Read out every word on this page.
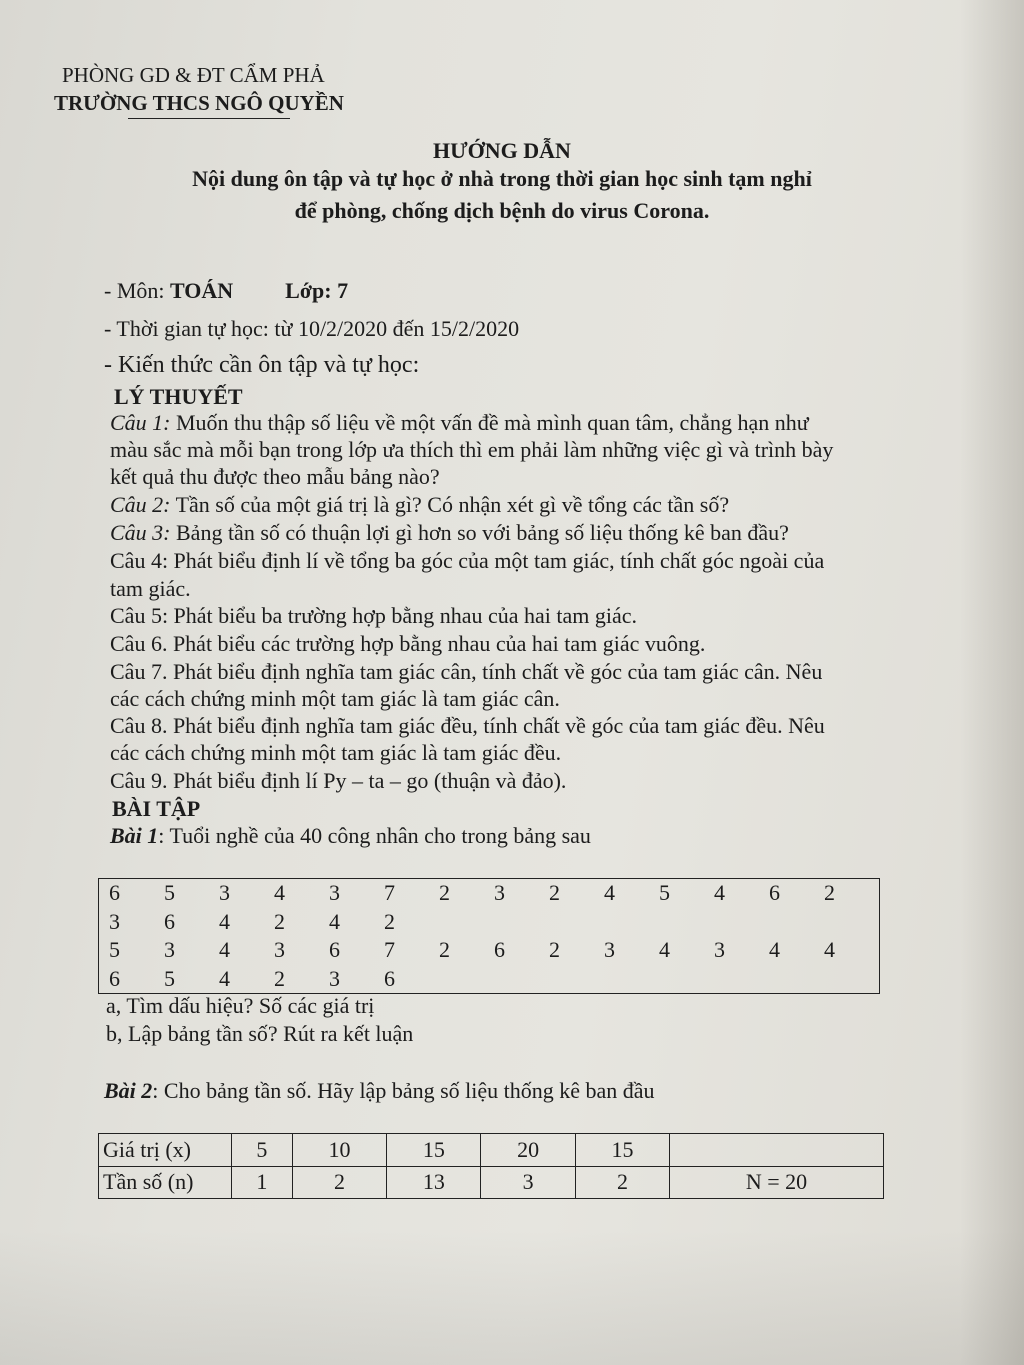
PHÒNG GD & ĐT CẨM PHẢ
TRƯỜNG THCS NGÔ QUYỀN
HƯỚNG DẪN
Nội dung ôn tập và tự học ở nhà trong thời gian học sinh tạm nghỉ
để phòng, chống dịch bệnh do virus Corona.
- Môn: TOÁN Lớp: 7
- Thời gian tự học: từ 10/2/2020 đến 15/2/2020
- Kiến thức cần ôn tập và tự học:
LÝ THUYẾT
Câu 1: Muốn thu thập số liệu về một vấn đề mà mình quan tâm, chẳng hạn như
màu sắc mà mỗi bạn trong lớp ưa thích thì em phải làm những việc gì và trình bày
kết quả thu được theo mẫu bảng nào?
Câu 2: Tần số của một giá trị là gì? Có nhận xét gì về tổng các tần số?
Câu 3: Bảng tần số có thuận lợi gì hơn so với bảng số liệu thống kê ban đầu?
Câu 4: Phát biểu định lí về tổng ba góc của một tam giác, tính chất góc ngoài của
tam giác.
Câu 5: Phát biểu ba trường hợp bằng nhau của hai tam giác.
Câu 6. Phát biểu các trường hợp bằng nhau của hai tam giác vuông.
Câu 7. Phát biểu định nghĩa tam giác cân, tính chất về góc của tam giác cân. Nêu
các cách chứng minh một tam giác là tam giác cân.
Câu 8. Phát biểu định nghĩa tam giác đều, tính chất về góc của tam giác đều. Nêu
các cách chứng minh một tam giác là tam giác đều.
Câu 9. Phát biểu định lí Py – ta – go (thuận và đảo).
BÀI TẬP
Bài 1: Tuổi nghề của 40 công nhân cho trong bảng sau
6	5	3	4	3	7	2	3	2	4	5	4	6	2
3	6	4	2	4	2								
5	3	4	3	6	7	2	6	2	3	4	3	4	4
6	5	4	2	3	6								
a, Tìm dấu hiệu? Số các giá trị
b, Lập bảng tần số? Rút ra kết luận
Bài 2: Cho bảng tần số. Hãy lập bảng số liệu thống kê ban đầu
Giá trị (x)	5	10	15	20	15	
Tần số (n)	1	2	13	3	2	N = 20
